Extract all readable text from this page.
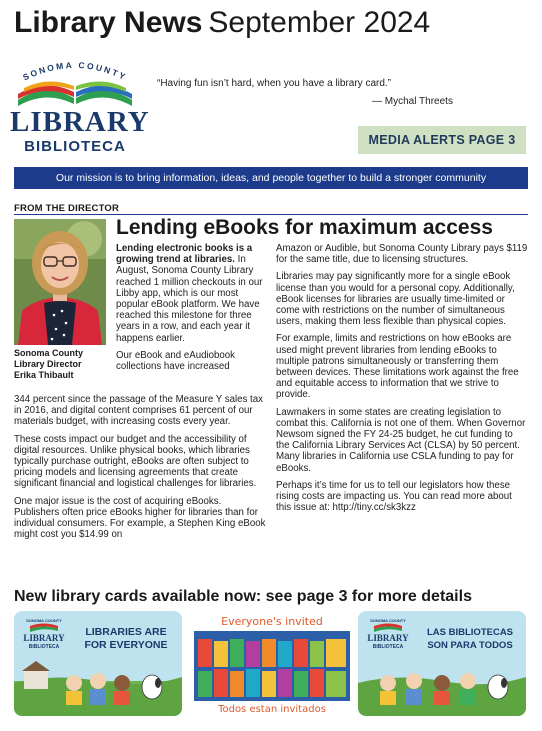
Library News September 2024
SONOMA COUNTY
LIBRARY
BIBLIOTECA
“Having fun isn’t hard, when you have a library card.”
— Mychal Threets
MEDIA ALERTS PAGE 3
Our mission is to bring information, ideas, and people together to build a stronger community
FROM THE DIRECTOR
Sonoma County
Library Director
Erika Thibault
Lending eBooks for maximum access

Lending electronic books is a growing trend at libraries. In August, Sonoma County Library reached 1 million checkouts in our Libby app, which is our most popular eBook platform. We have reached this milestone for three years in a row, and each year it happens earlier.

Our eBook and eAudiobook collections have increased

344 percent since the passage of the Measure Y sales tax in 2016, and digital content comprises 61 percent of our materials budget, with increasing costs every year.

These costs impact our budget and the accessibility of digital resources. Unlike physical books, which libraries typically purchase outright, eBooks are often subject to pricing models and licensing agreements that create significant financial and logistical challenges for libraries.

One major issue is the cost of acquiring eBooks. Publishers often price eBooks higher for libraries than for individual consumers. For example, a Stephen King eBook might cost you $14.99 on

Amazon or Audible, but Sonoma County Library pays $119 for the same title, due to licensing structures.

Libraries may pay significantly more for a single eBook license than you would for a personal copy. Additionally, eBook licenses for libraries are usually time-limited or come with restrictions on the number of simultaneous users, making them less flexible than physical copies.

For example, limits and restrictions on how eBooks are used might prevent libraries from lending eBooks to multiple patrons simultaneously or transferring them between devices. These limitations work against the free and equitable access to information that we strive to provide.

Lawmakers in some states are creating legislation to combat this. California is not one of them. When Governor Newsom signed the FY 24-25 budget, he cut funding to the California Library Services Act (CLSA) by 50 percent. Many libraries in California use CSLA funding to pay for eBooks.

Perhaps it’s time for us to tell our legislators how these rising costs are impacting us. You can read more about this issue at: http://tiny.cc/sk3kzz

New library cards available now: see page 3 for more details
SONOMA COUNTY
LIBRARY
BIBLIOTECA
LIBRARIES ARE
FOR EVERYONE
Everyone's invited
Todos estan invitados
SONOMA COUNTY
LIBRARY
BIBLIOTECA
LAS BIBLIOTECAS
SON PARA TODOS
